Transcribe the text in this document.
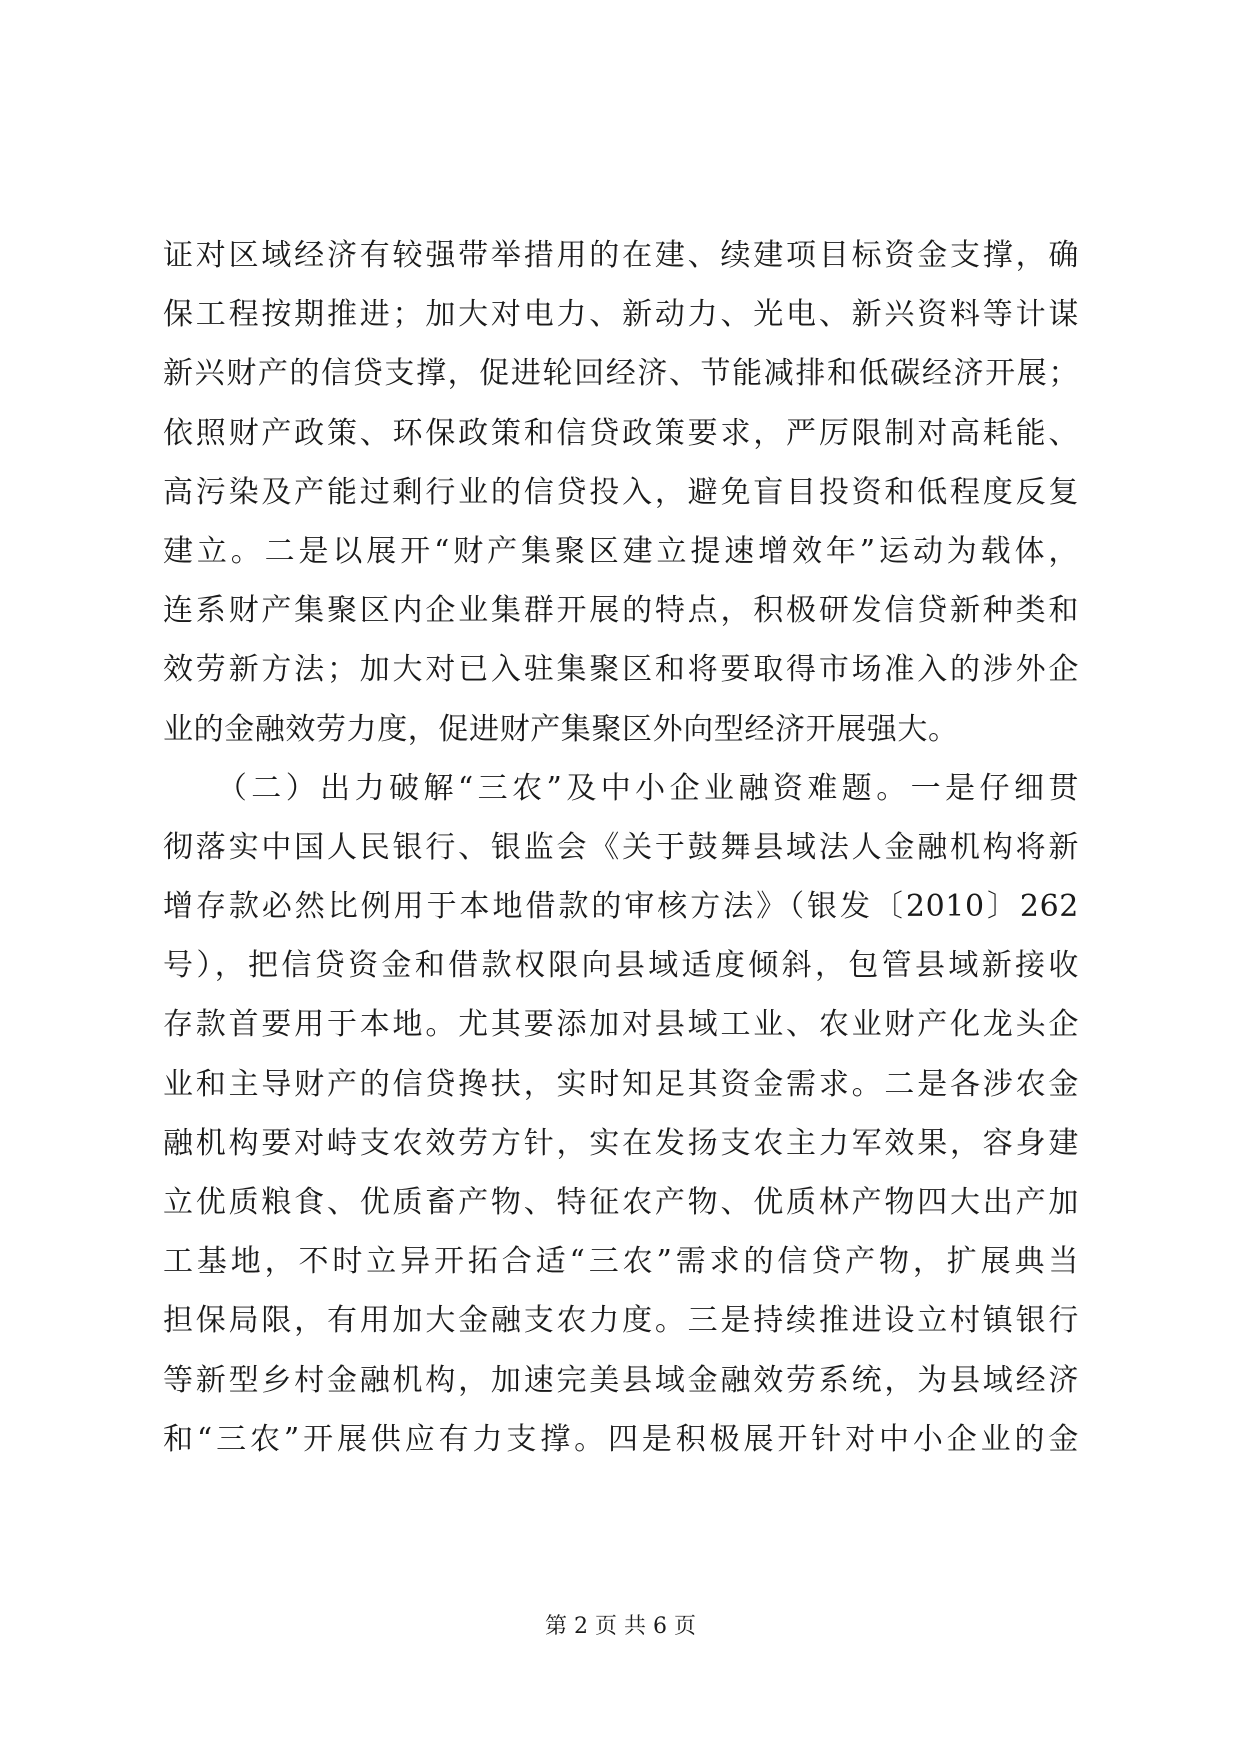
证对区域经济有较强带举措用的在建、续建项目标资金支撑，确
保工程按期推进；加大对电力、新动力、光电、新兴资料等计谋
新兴财产的信贷支撑，促进轮回经济、节能减排和低碳经济开展；
依照财产政策、环保政策和信贷政策要求，严厉限制对高耗能、
高污染及产能过剩行业的信贷投入，避免盲目投资和低程度反复
建立。二是以展开“财产集聚区建立提速增效年”运动为载体，
连系财产集聚区内企业集群开展的特点，积极研发信贷新种类和
效劳新方法；加大对已入驻集聚区和将要取得市场准入的涉外企
业的金融效劳力度，促进财产集聚区外向型经济开展强大。
　　（二）出力破解“三农”及中小企业融资难题。一是仔细贯
彻落实中国人民银行、银监会《关于鼓舞县域法人金融机构将新
增存款必然比例用于本地借款的审核方法》（银发〔2010〕262
号），把信贷资金和借款权限向县域适度倾斜，包管县域新接收
存款首要用于本地。尤其要添加对县域工业、农业财产化龙头企
业和主导财产的信贷搀扶，实时知足其资金需求。二是各涉农金
融机构要对峙支农效劳方针，实在发扬支农主力军效果，容身建
立优质粮食、优质畜产物、特征农产物、优质林产物四大出产加
工基地，不时立异开拓合适“三农”需求的信贷产物，扩展典当
担保局限，有用加大金融支农力度。三是持续推进设立村镇银行
等新型乡村金融机构，加速完美县域金融效劳系统，为县域经济
和“三农”开展供应有力支撑。四是积极展开针对中小企业的金
第 2 页 共 6 页
